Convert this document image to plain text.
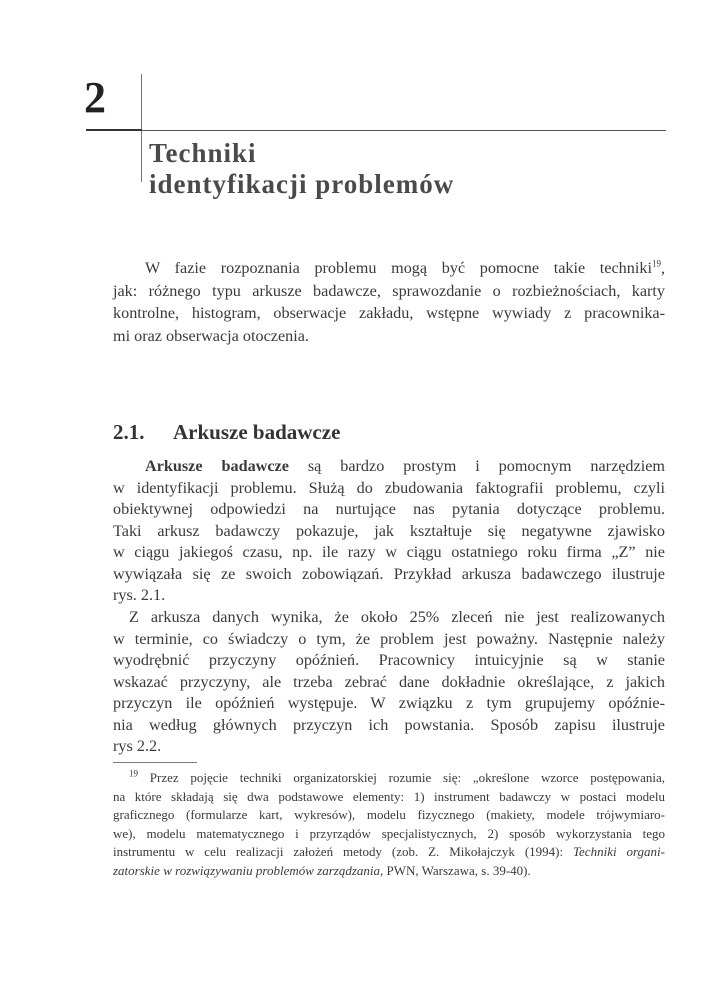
2
Techniki
identyfikacji problemów
W fazie rozpoznania problemu mogą być pomocne takie techniki$^{19}$,
jak: różnego typu arkusze badawcze, sprawozdanie o rozbieżnościach, karty
kontrolne, histogram, obserwacje zakładu, wstępne wywiady z pracownika-
mi oraz obserwacja otoczenia.
2.1. Arkusze badawcze
Arkusze badawcze są bardzo prostym i pomocnym narzędziem
w identyfikacji problemu. Służą do zbudowania faktografii problemu, czyli
obiektywnej odpowiedzi na nurtujące nas pytania dotyczące problemu.
Taki arkusz badawczy pokazuje, jak kształtuje się negatywne zjawisko
w ciągu jakiegoś czasu, np. ile razy w ciągu ostatniego roku firma „Z” nie
wywiązała się ze swoich zobowiązań. Przykład arkusza badawczego ilustruje
rys. 2.1.
Z arkusza danych wynika, że około 25% zleceń nie jest realizowanych
w terminie, co świadczy o tym, że problem jest poważny. Następnie należy
wyodrębnić przyczyny opóźnień. Pracownicy intuicyjnie są w stanie
wskazać przyczyny, ale trzeba zebrać dane dokładnie określające, z jakich
przyczyn ile opóźnień występuje. W związku z tym grupujemy opóźnie-
nia według głównych przyczyn ich powstania. Sposób zapisu ilustruje
rys 2.2.
$^{19}$ Przez pojęcie techniki organizatorskiej rozumie się: „określone wzorce postępowania,
na które składają się dwa podstawowe elementy: 1) instrument badawczy w postaci modelu
graficznego (formularze kart, wykresów), modelu fizycznego (makiety, modele trójwymiaro-
we), modelu matematycznego i przyrządów specjalistycznych, 2) sposób wykorzystania tego
instrumentu w celu realizacji założeń metody (zob. Z. Mikołajczyk (1994): Techniki organi-
zatorskie w rozwiązywaniu problemów zarządzania, PWN, Warszawa, s. 39-40).
